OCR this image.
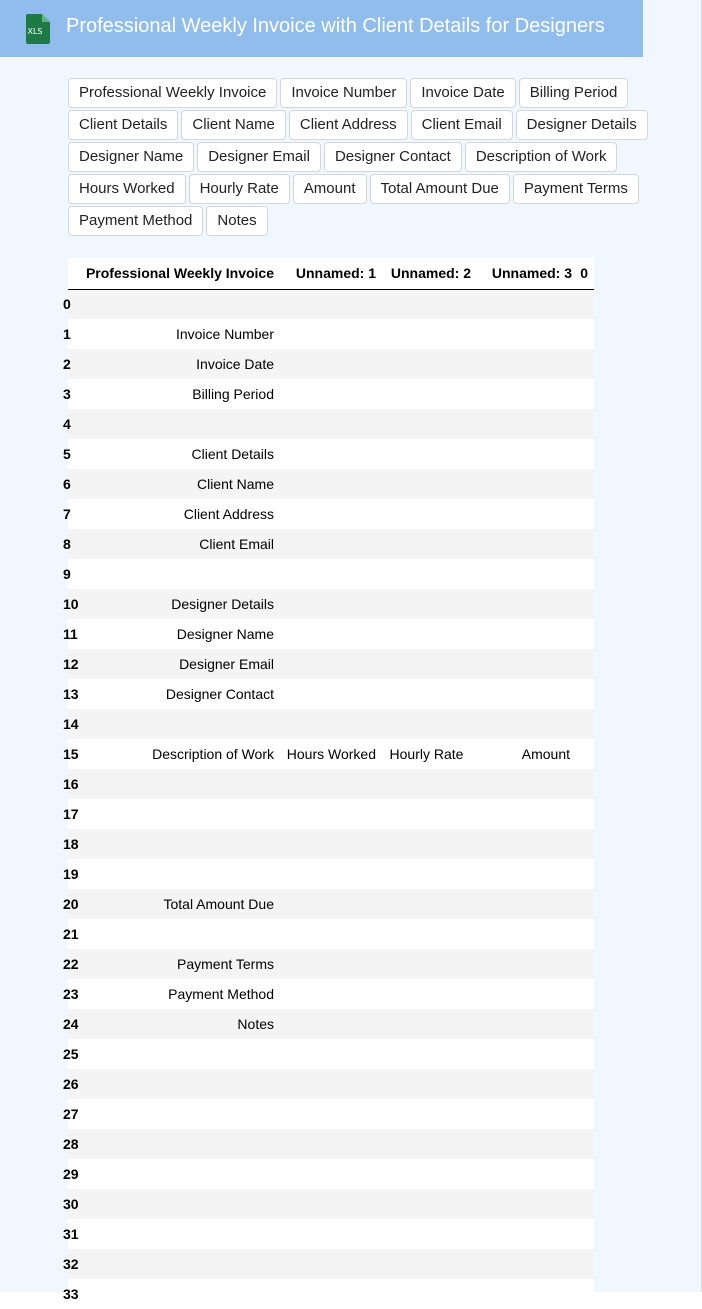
XLS Professional Weekly Invoice with Client Details for Designers
Professional Weekly Invoice	Invoice Number	Invoice Date	Billing Period
Client Details	Client Name	Client Address	Client Email	Designer Details
Designer Name	Designer Email	Designer Contact	Description of Work
Hours Worked	Hourly Rate	Amount	Total Amount Due	Payment Terms
Payment Method	Notes
	Professional Weekly Invoice	Unnamed: 1	Unnamed: 2	Unnamed: 3	0
0					
1	Invoice Number				
2	Invoice Date				
3	Billing Period				
4					
5	Client Details				
6	Client Name				
7	Client Address				
8	Client Email				
9					
10	Designer Details				
11	Designer Name				
12	Designer Email				
13	Designer Contact				
14					
15	Description of Work	Hours Worked	Hourly Rate	Amount	
16					
17					
18					
19					
20	Total Amount Due				
21					
22	Payment Terms				
23	Payment Method				
24	Notes				
25					
26					
27					
28					
29					
30					
31					
32					
33					
